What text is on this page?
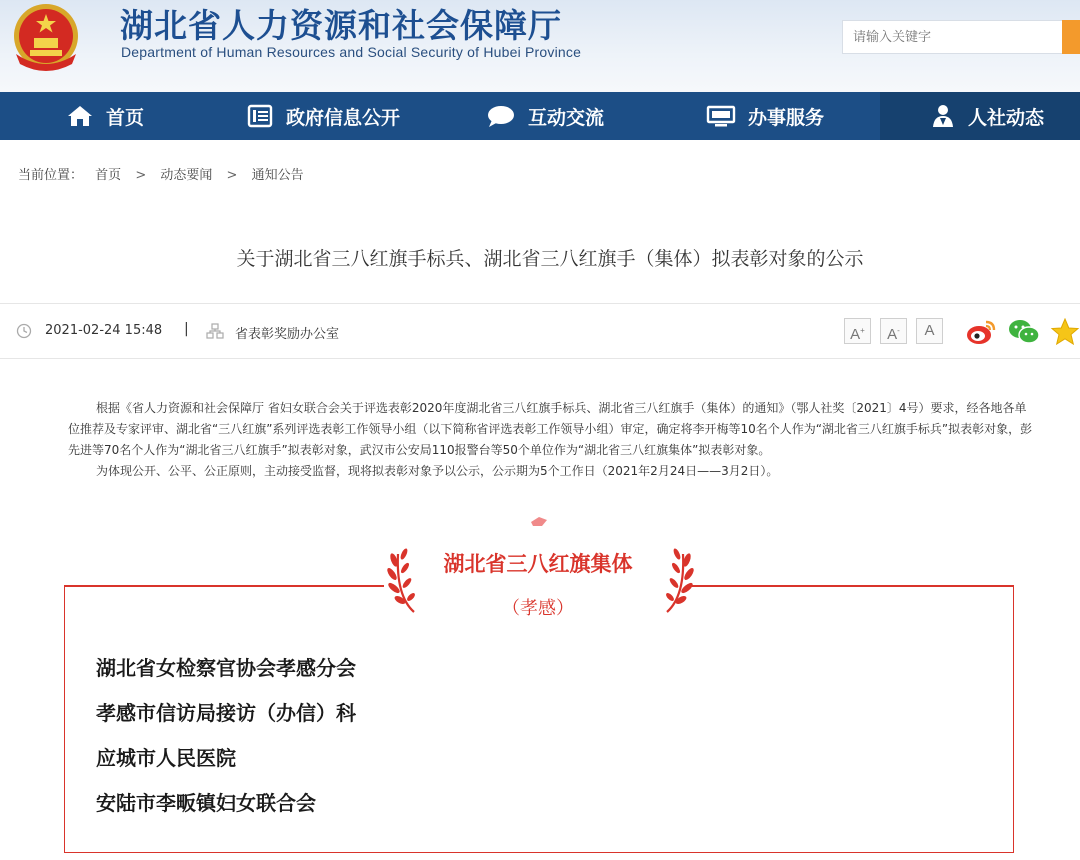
湖北省人力资源和社会保障厅
Department of Human Resources and Social Security of Hubei Province
请输入关键字
首页	政府信息公开	互动交流	办事服务	人社动态
当前位置： 首页 > 动态要闻 > 通知公告
关于湖北省三八红旗手标兵、湖北省三八红旗手（集体）拟表彰对象的公示
2021-02-24 15:48 |	省表彰奖励办公室	A+	A-	A

根据《省人力资源和社会保障厅 省妇女联合会关于评选表彰2020年度湖北省三八红旗手标兵、湖北省三八红旗手（集体）的通知》（鄂人社奖〔2021〕4号）要求，经各地各单位推荐及专家评审、湖北省“三八红旗”系列评选表彰工作领导小组（以下简称省评选表彰工作领导小组）审定，确定将李开梅等10名个人作为“湖北省三八红旗手标兵”拟表彰对象，彭先进等70名个人作为“湖北省三八红旗手”拟表彰对象，武汉市公安局110报警台等50个单位作为“湖北省三八红旗集体”拟表彰对象。

为体现公开、公平、公正原则，主动接受监督，现将拟表彰对象予以公示，公示期为5个工作日（2021年2月24日——3月2日）。

湖北省三八红旗集体
（孝感）
湖北省女检察官协会孝感分会
孝感市信访局接访（办信）科
应城市人民医院
安陆市李畈镇妇女联合会
